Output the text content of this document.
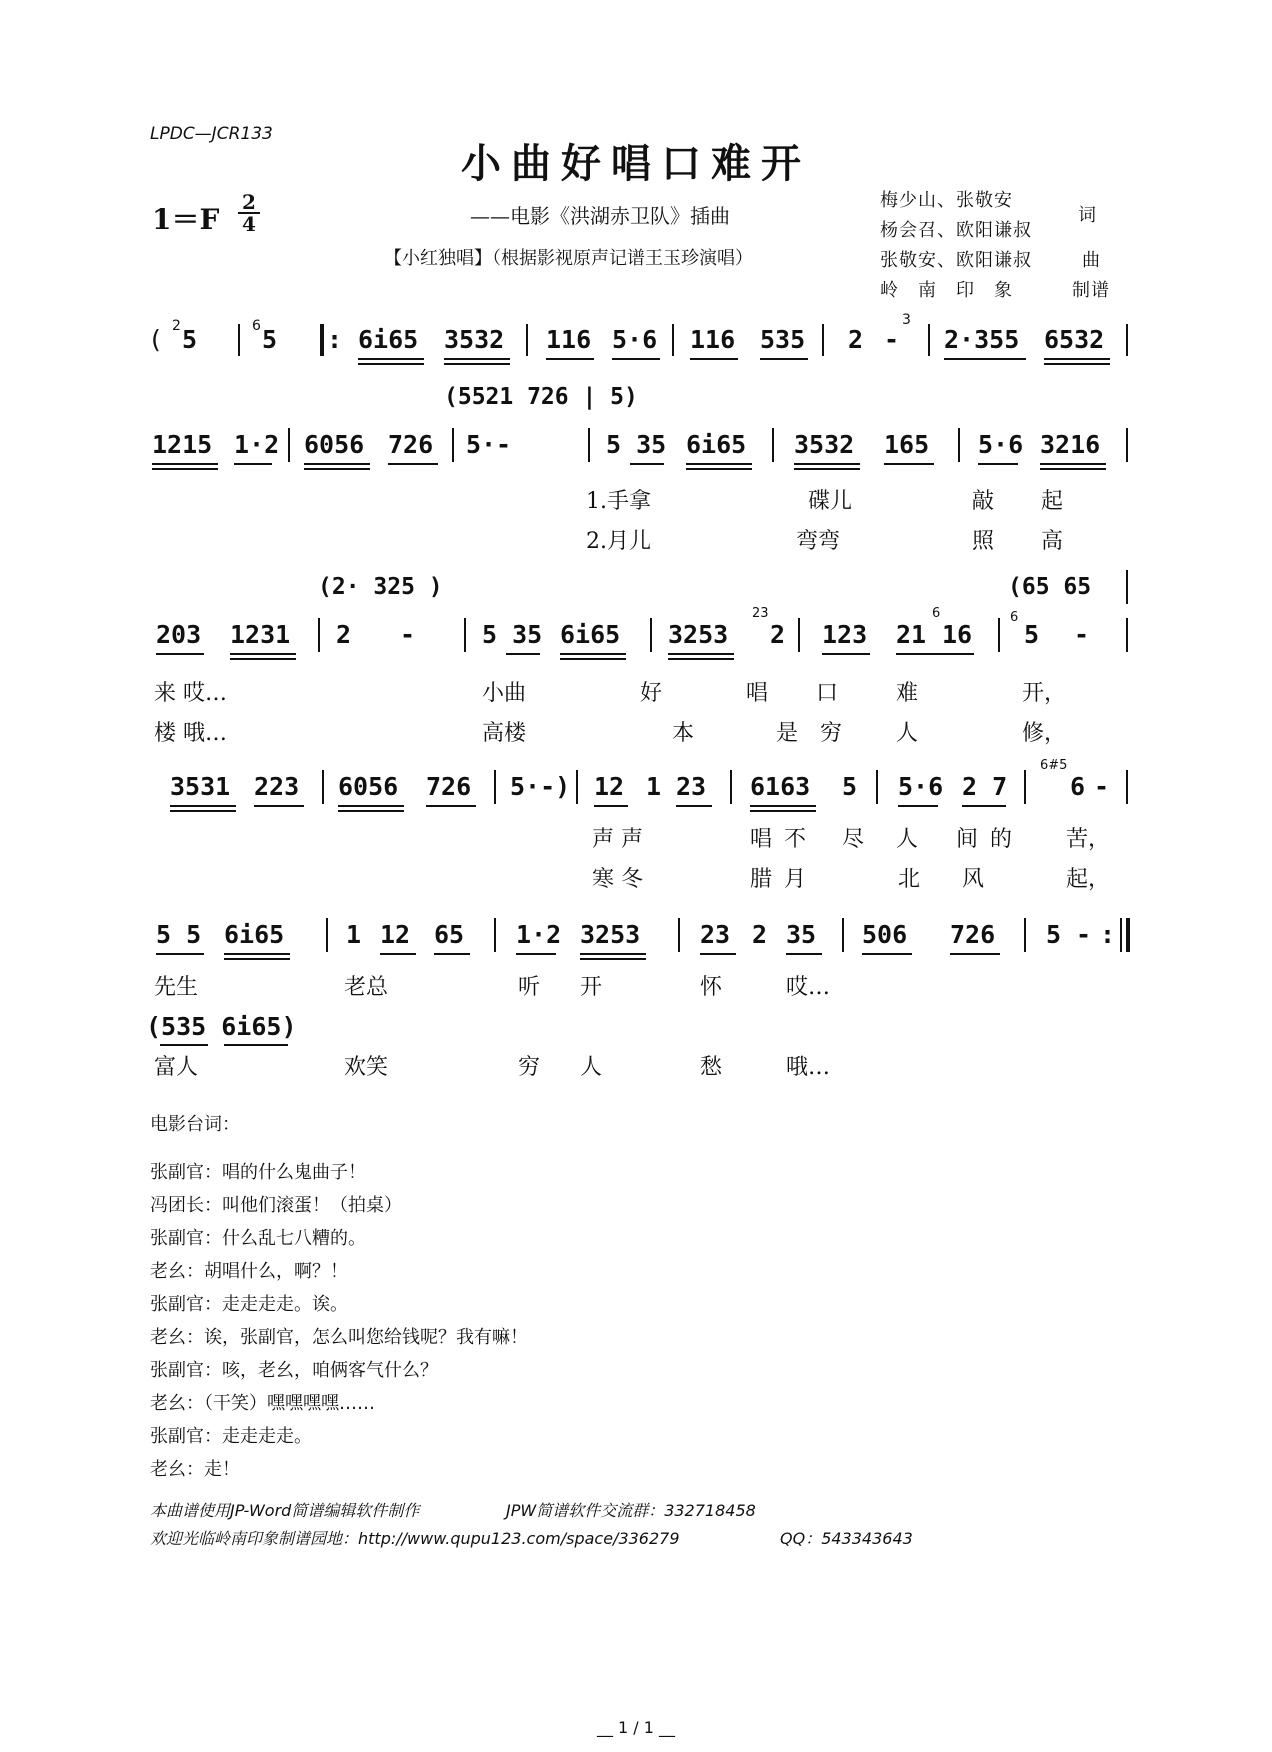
LPDC—JCR133
小曲好唱口难开
$1=F \frac{2}{4}$	——电影《洪湖赤卫队》插曲
【小红独唱】（根据影视原声记谱王玉珍演唱）
梅少山、张敬安
杨会召、欧阳谦叔
词
张敬安、欧阳谦叔	曲
岭　南　印　象	制谱
( 2 5	6 5 : 6i65 3532 116 5·6 116 535 2 -
3
2·355 6532
(5521 726 | 5)
1215 1·2 6056 726 5· -	5 35 6i65 3532 165 5·6 3216
1.手拿	碟儿	敲 起
2.月儿	弯弯	照 高
(2· 325 )	(65 65
203 1231 2 -	5 35 6i65 3253
23
2 123 21
6
16
6
5 -
来 哎…	小曲	好	唱 口	难	开，
楼 哦…	高楼	本	是 穷 人	修，
3531 223 6056 726 5·-) 12 1 23 6163 5 5·6 2 7
6#5
6 -
声 声	唱 不 尽 人 间 的 苦，
寒 冬	腊 月	北 风	起，
5 5 6i65 1 12 65 1·2 3253 23 2 35 506 726 5 - :
先生	老总	听 开	怀	哎…
(535 6i65)
富人	欢笑	穷 人	愁	哦…
电影台词：
张副官：唱的什么鬼曲子！
冯团长：叫他们滚蛋！（拍桌）
张副官：什么乱七八糟的。
老幺：胡唱什么，啊？！
张副官：走走走走。诶。
老幺：诶，张副官，怎么叫您给钱呢？我有嘛！
张副官：咳，老幺，咱俩客气什么？
老幺：（干笑）嘿嘿嘿嘿……
张副官：走走走走。
老幺：走！
本曲谱使用JP-Word简谱编辑软件制作	JPW简谱软件交流群：332718458
欢迎光临岭南印象制谱园地：http://www.qupu123.com/space/336279	QQ：543343643
__ 1 / 1 __
